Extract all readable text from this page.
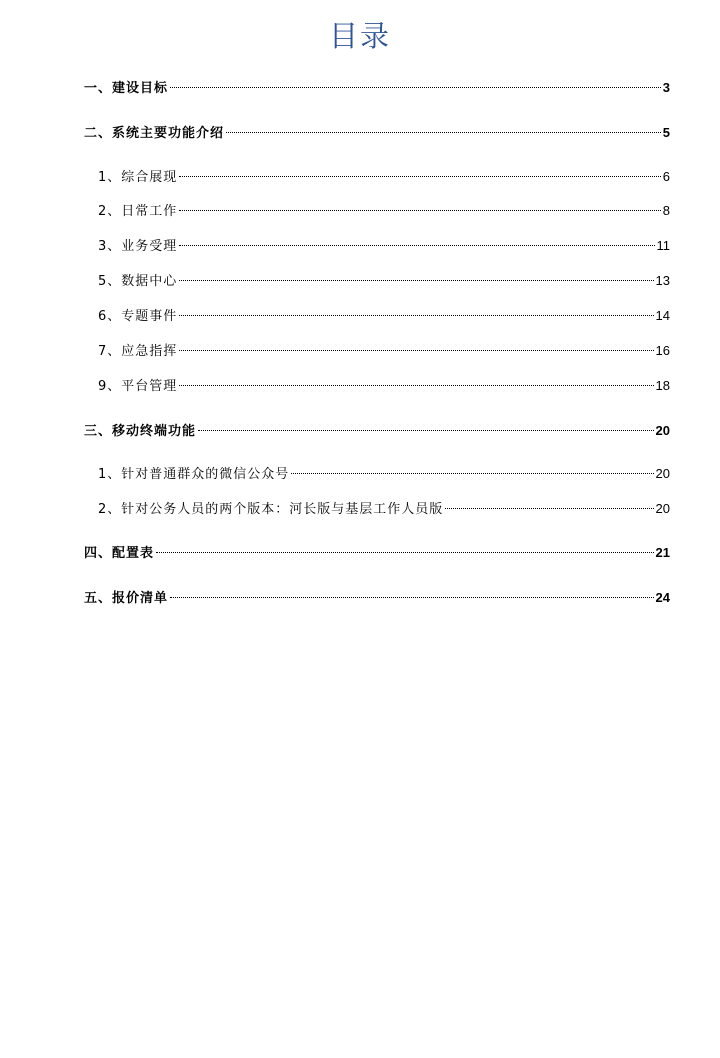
目录
一、建设目标	3
二、系统主要功能介绍	5
1、综合展现	6
2、日常工作	8
3、业务受理	11
5、数据中心	13
6、专题事件	14
7、应急指挥	16
9、平台管理	18
三、移动终端功能	20
1、针对普通群众的微信公众号	20
2、针对公务人员的两个版本：河长版与基层工作人员版	20
四、配置表	21
五、报价清单	24
